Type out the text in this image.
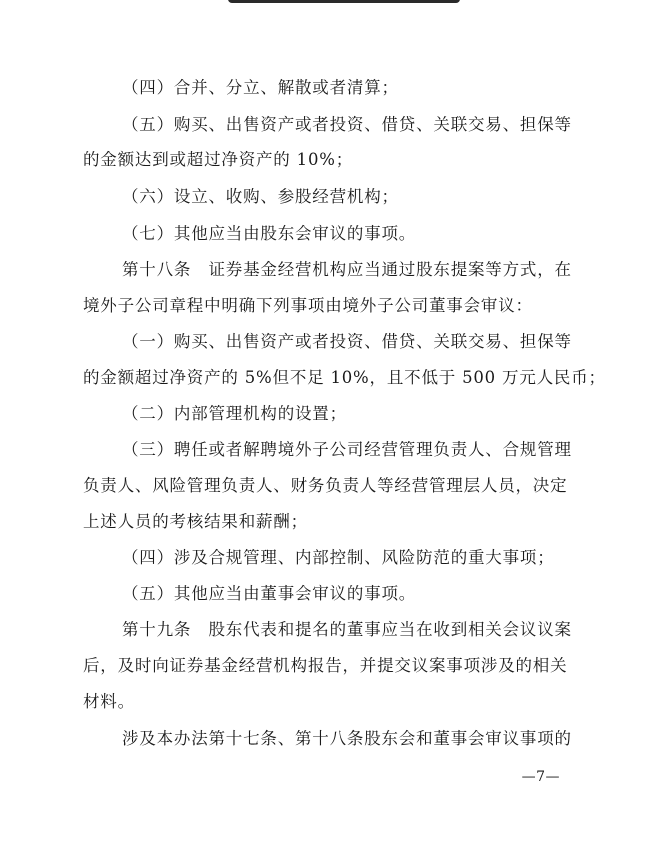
（四）合并、分立、解散或者清算；
（五）购买、出售资产或者投资、借贷、关联交易、担保等
的金额达到或超过净资产的 10%；
（六）设立、收购、参股经营机构；
（七）其他应当由股东会审议的事项。
第十八条　证券基金经营机构应当通过股东提案等方式，在
境外子公司章程中明确下列事项由境外子公司董事会审议：
（一）购买、出售资产或者投资、借贷、关联交易、担保等
的金额超过净资产的 5%但不足 10%，且不低于 500 万元人民币；
（二）内部管理机构的设置；
（三）聘任或者解聘境外子公司经营管理负责人、合规管理
负责人、风险管理负责人、财务负责人等经营管理层人员，决定
上述人员的考核结果和薪酬；
（四）涉及合规管理、内部控制、风险防范的重大事项；
（五）其他应当由董事会审议的事项。
第十九条　股东代表和提名的董事应当在收到相关会议议案
后，及时向证券基金经营机构报告，并提交议案事项涉及的相关
材料。
涉及本办法第十七条、第十八条股东会和董事会审议事项的
—7—
